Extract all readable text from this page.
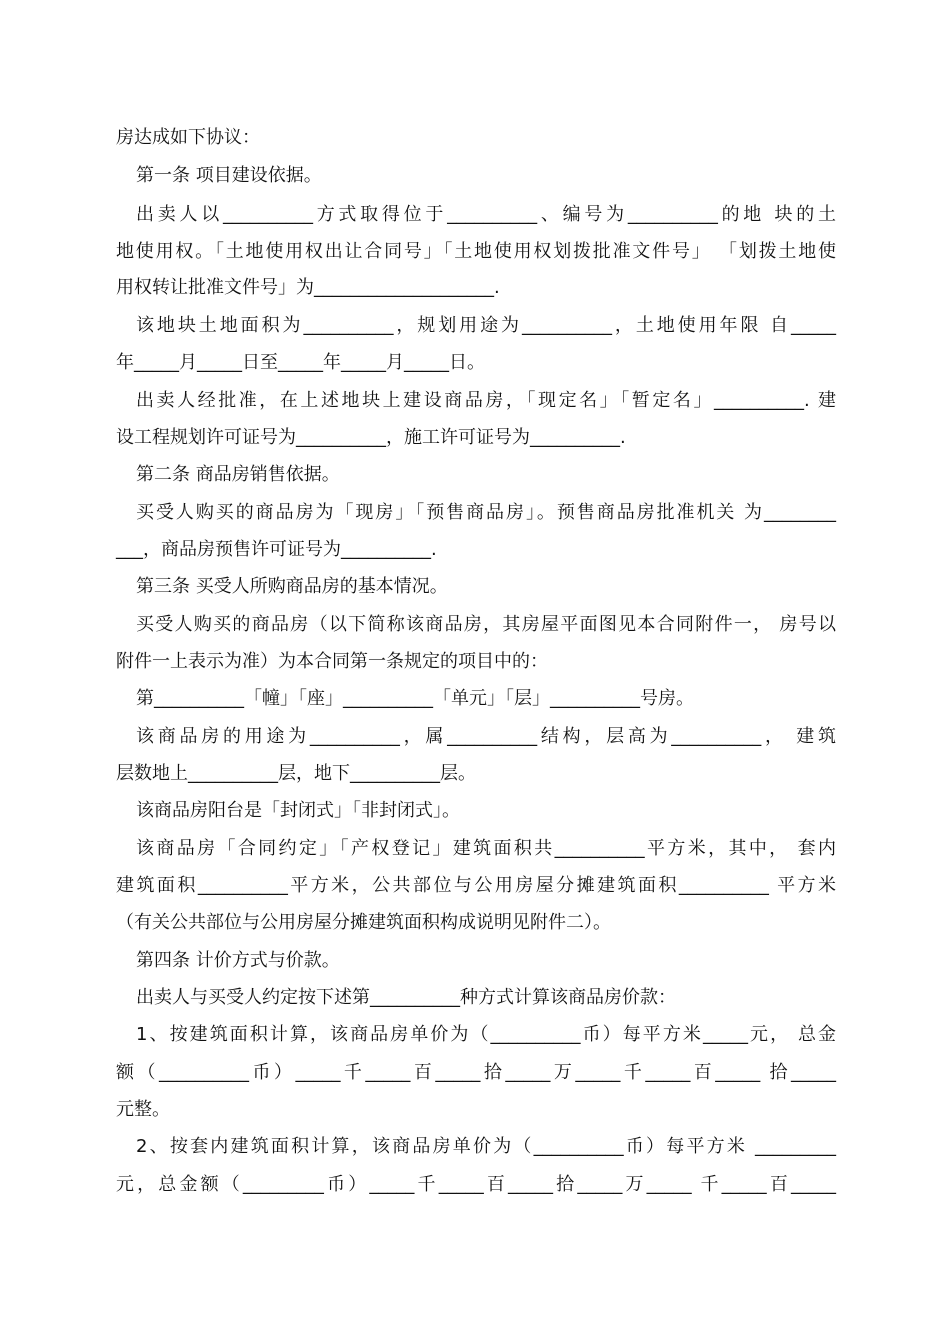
房达成如下协议：
第一条 项目建设依据。
出卖人以__________方式取得位于__________、编号为__________的地 块的土
地使用权。「土地使用权出让合同号」「土地使用权划拨批准文件号」 「划拨土地使
用权转让批准文件号」为____________________.
该地块土地面积为__________，规划用途为__________，土地使用年限 自_____
年_____月_____日至_____年_____月_____日。
出卖人经批准，在上述地块上建设商品房，「现定名」「暂定名」__________. 建
设工程规划许可证号为__________，施工许可证号为__________.
第二条 商品房销售依据。
买受人购买的商品房为「现房」「预售商品房」。预售商品房批准机关 为________
___，商品房预售许可证号为__________.
第三条 买受人所购商品房的基本情况。
买受人购买的商品房（以下简称该商品房，其房屋平面图见本合同附件一， 房号以
附件一上表示为准）为本合同第一条规定的项目中的：
第__________「幢」「座」__________「单元」「层」__________号房。
该商品房的用途为__________，属__________结构，层高为__________， 建筑
层数地上__________层，地下__________层。
该商品房阳台是「封闭式」「非封闭式」。
该商品房「合同约定」「产权登记」建筑面积共__________平方米，其中， 套内
建筑面积__________平方米，公共部位与公用房屋分摊建筑面积__________ 平方米
（有关公共部位与公用房屋分摊建筑面积构成说明见附件二）。
第四条 计价方式与价款。
出卖人与买受人约定按下述第__________种方式计算该商品房价款：
1、按建筑面积计算，该商品房单价为（__________币）每平方米_____元， 总金
额（__________币）_____千_____百_____拾_____万_____千_____百_____ 拾_____
元整。
2、按套内建筑面积计算，该商品房单价为（__________币）每平方米 _________
元，总金额（_________币）_____千_____百_____拾_____万_____ 千_____百_____
